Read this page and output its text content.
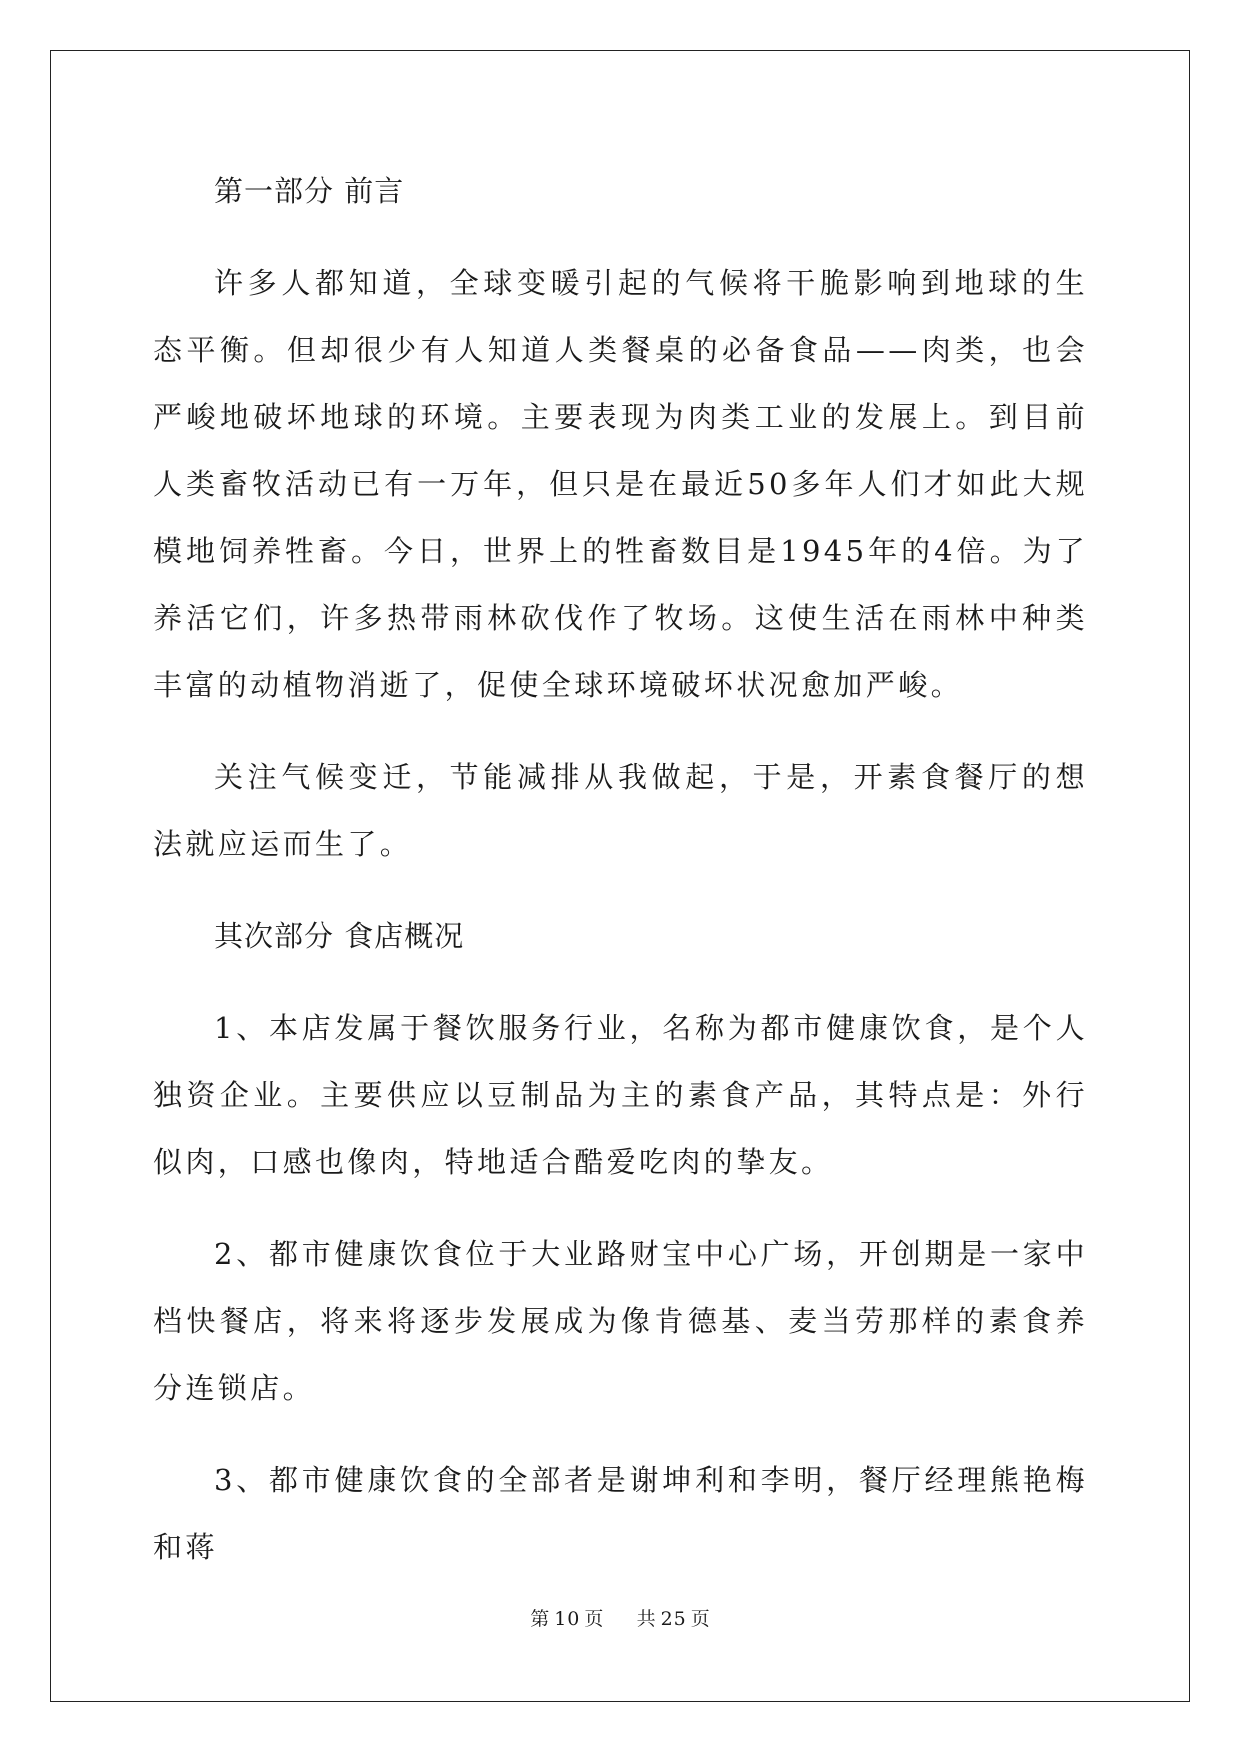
第一部分 前言
许多人都知道，全球变暖引起的气候将干脆影响到地球的生态平衡。但却很少有人知道人类餐桌的必备食品——肉类，也会严峻地破坏地球的环境。主要表现为肉类工业的发展上。到目前人类畜牧活动已有一万年，但只是在最近50多年人们才如此大规模地饲养牲畜。今日，世界上的牲畜数目是1945年的4倍。为了养活它们，许多热带雨林砍伐作了牧场。这使生活在雨林中种类丰富的动植物消逝了，促使全球环境破坏状况愈加严峻。
关注气候变迁，节能减排从我做起，于是，开素食餐厅的想法就应运而生了。
其次部分 食店概况
1、本店发属于餐饮服务行业，名称为都市健康饮食，是个人独资企业。主要供应以豆制品为主的素食产品，其特点是：外行似肉，口感也像肉，特地适合酷爱吃肉的挚友。
2、都市健康饮食位于大业路财宝中心广场，开创期是一家中档快餐店，将来将逐步发展成为像肯德基、麦当劳那样的素食养分连锁店。
3、都市健康饮食的全部者是谢坤利和李明，餐厅经理熊艳梅和蒋
第 10 页 共 25 页
